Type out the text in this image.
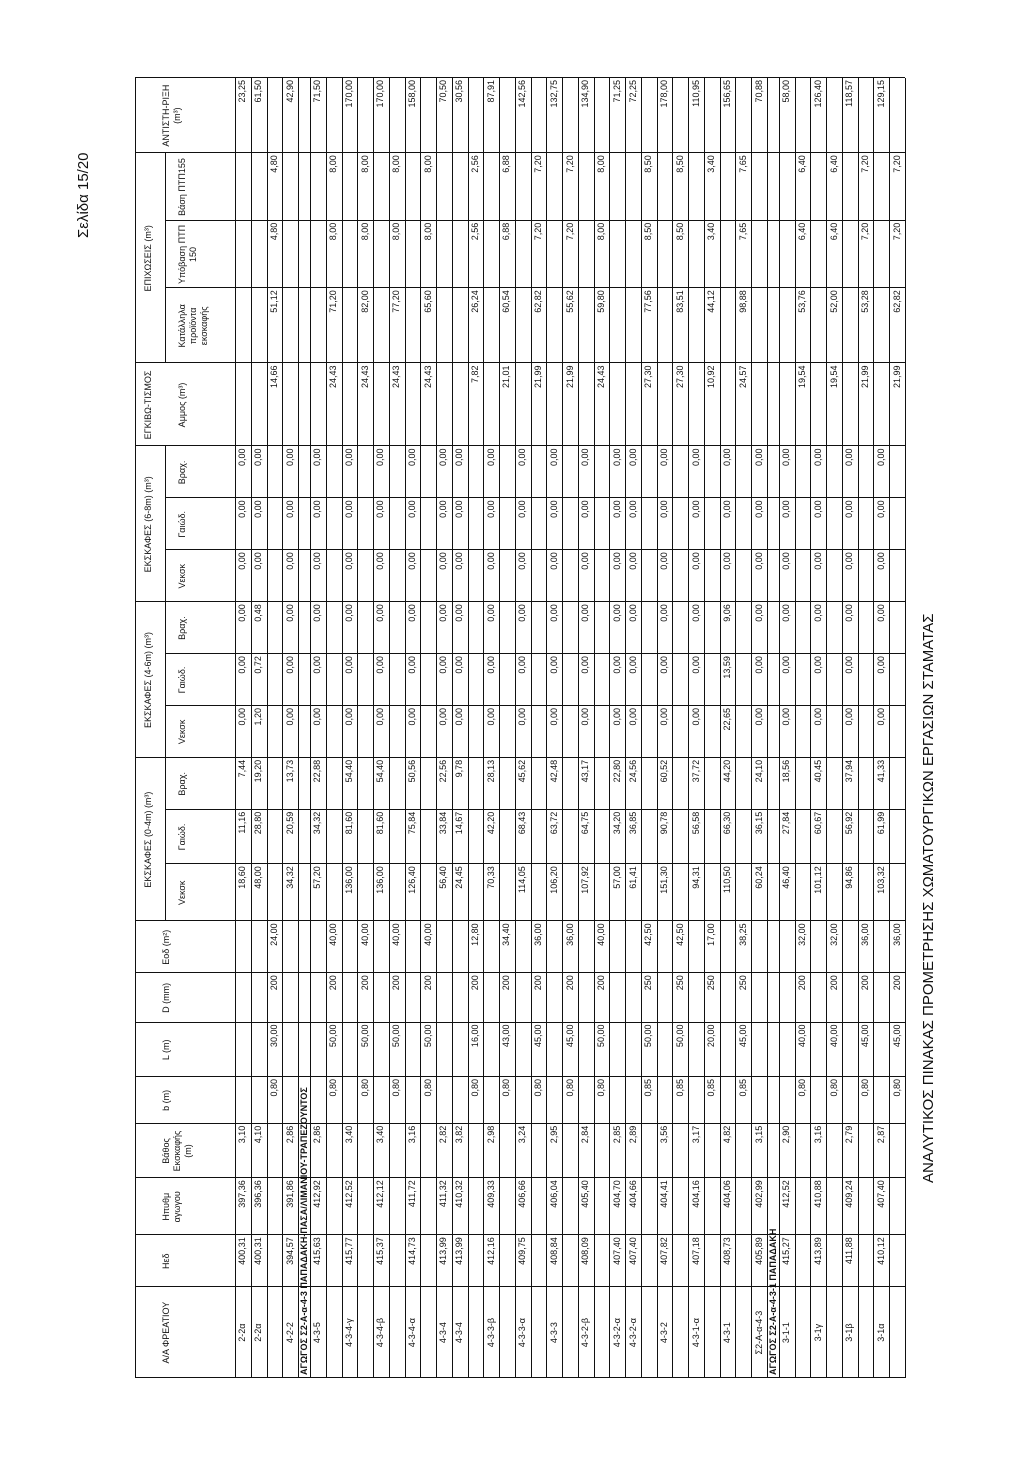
Σελίδα 15/20
ΑΝΑΛΥΤΙΚΟΣ ΠΙΝΑΚΑΣ ΠΡΟΜΕΤΡΗΣΗΣ ΧΩΜΑΤΟΥΡΓΙΚΩΝ ΕΡΓΑΣΙΩΝ ΣΤΑΜΑΤΑΣ
ΕΚΣΚΑΦΕΣ (0-4m) (m³)
ΕΚΣΚΑΦΕΣ (4-6m) (m³)
ΕΚΣΚΑΦΕΣ (6-8m) (m³)
ΕΓΚΙΒΩ-ΤΙΣΜΟΣ
ΕΠΙΧΩΣΕΙΣ (m³)
Α/Α ΦΡΕΑΤΙΟΥ
Ηεδ
Ηπυθμ αγωγου
Βάθος Εκσκαφής (m)
b (m)
L (m)
D (mm)
Εοδ (m²)
Vεκσκ
Γαιώδ.
Βραχ.
Vεκσκ
Γαιώδ.
Βραχ.
Vεκσκ
Γαιώδ.
Βραχ.
Αμμος (m³)
Κατάλληλα προϊόντα εκσκαφής
Υπόβαση ΠΤΠ 150
Βάση ΠΤΠ155
ΑΝΤΙΣΤΗ-ΡΙΞΗ (m³)
2-2α
400,31
397,36
3,10
18,60
11,16
7,44
0,00
0,00
0,00
0,00
0,00
0,00
23,25
2-2α
400,31
396,36
4,10
48,00
28,80
19,20
1,20
0,72
0,48
0,00
0,00
0,00
61,50
0,80
30,00
200
24,00
14,66
51,12
4,80
4,80
4-2-2
394,57
391,86
2,86
34,32
20,59
13,73
0,00
0,00
0,00
0,00
0,00
0,00
42,90
ΑΓΩΓΟΣ Σ2-Α-α-4-3 ΠΑΠΑΔΑΚΗ-ΠΑΣΑ/ΛΙΜΑΝΙΟΥ-ΤΡΑΠΕΖΟΥΝΤΟΣ 4-3-5
415,63
412,92
2,86
57,20
34,32
22,88
0,00
0,00
0,00
0,00
0,00
0,00
71,50
0,80
50,00
200
40,00
24,43
71,20
8,00
8,00
4-3-4-γ
415,77
412,52
3,40
136,00
81,60
54,40
0,00
0,00
0,00
0,00
0,00
0,00
170,00
0,80
50,00
200
40,00
24,43
82,00
8,00
8,00
4-3-4-β
415,37
412,12
3,40
136,00
81,60
54,40
0,00
0,00
0,00
0,00
0,00
0,00
170,00
0,80
50,00
200
40,00
24,43
77,20
8,00
8,00
4-3-4-α
414,73
411,72
3,16
126,40
75,84
50,56
0,00
0,00
0,00
0,00
0,00
0,00
158,00
0,80
50,00
200
40,00
24,43
65,60
8,00
8,00
4-3-4
413,99
411,32
2,82
56,40
33,84
22,56
0,00
0,00
0,00
0,00
0,00
0,00
70,50
4-3-4
413,99
410,32
3,82
24,45
14,67
9,78
0,00
0,00
0,00
0,00
0,00
0,00
30,56
0,80
16,00
200
12,80
7,82
26,24
2,56
2,56
4-3-3-β
412,16
409,33
2,98
70,33
42,20
28,13
0,00
0,00
0,00
0,00
0,00
0,00
87,91
0,80
43,00
200
34,40
21,01
60,54
6,88
6,88
4-3-3-α
409,75
406,66
3,24
114,05
68,43
45,62
0,00
0,00
0,00
0,00
0,00
0,00
142,56
0,80
45,00
200
36,00
21,99
62,82
7,20
7,20
4-3-3
408,84
406,04
2,95
106,20
63,72
42,48
0,00
0,00
0,00
0,00
0,00
0,00
132,75
0,80
45,00
200
36,00
21,99
55,62
7,20
7,20
4-3-2-β
408,09
405,40
2,84
107,92
64,75
43,17
0,00
0,00
0,00
0,00
0,00
0,00
134,90
0,80
50,00
200
40,00
24,43
59,80
8,00
8,00
4-3-2-α
407,40
404,70
2,85
57,00
34,20
22,80
0,00
0,00
0,00
0,00
0,00
0,00
71,25
4-3-2-α
407,40
404,66
2,89
61,41
36,85
24,56
0,00
0,00
0,00
0,00
0,00
0,00
72,25
0,85
50,00
250
42,50
27,30
77,56
8,50
8,50
4-3-2
407,82
404,41
3,56
151,30
90,78
60,52
0,00
0,00
0,00
0,00
0,00
0,00
178,00
0,85
50,00
250
42,50
27,30
83,51
8,50
8,50
4-3-1-α
407,18
404,16
3,17
94,31
56,58
37,72
0,00
0,00
0,00
0,00
0,00
0,00
110,95
0,85
20,00
250
17,00
10,92
44,12
3,40
3,40
4-3-1
408,73
404,06
4,82
110,50
66,30
44,20
22,65
13,59
9,06
0,00
0,00
0,00
156,65
0,85
45,00
250
38,25
24,57
98,88
7,65
7,65
Σ2-Α-α-4-3
405,89
402,99
3,15
60,24
36,15
24,10
0,00
0,00
0,00
0,00
0,00
0,00
70,88
ΑΓΩΓΟΣ Σ2-Α-α-4-3-1 ΠΑΠΑΔΑΚΗ 3-1-1
415,27
412,52
2,90
46,40
27,84
18,56
0,00
0,00
0,00
0,00
0,00
0,00
58,00
0,80
40,00
200
32,00
19,54
53,76
6,40
6,40
3-1γ
413,89
410,88
3,16
101,12
60,67
40,45
0,00
0,00
0,00
0,00
0,00
0,00
126,40
0,80
40,00
200
32,00
19,54
52,00
6,40
6,40
3-1β
411,88
409,24
2,79
94,86
56,92
37,94
0,00
0,00
0,00
0,00
0,00
0,00
118,57
0,80
45,00
200
36,00
21,99
53,28
7,20
7,20
3-1α
410,12
407,40
2,87
103,32
61,99
41,33
0,00
0,00
0,00
0,00
0,00
0,00
129,15
0,80
45,00
200
36,00
21,99
62,82
7,20
7,20
